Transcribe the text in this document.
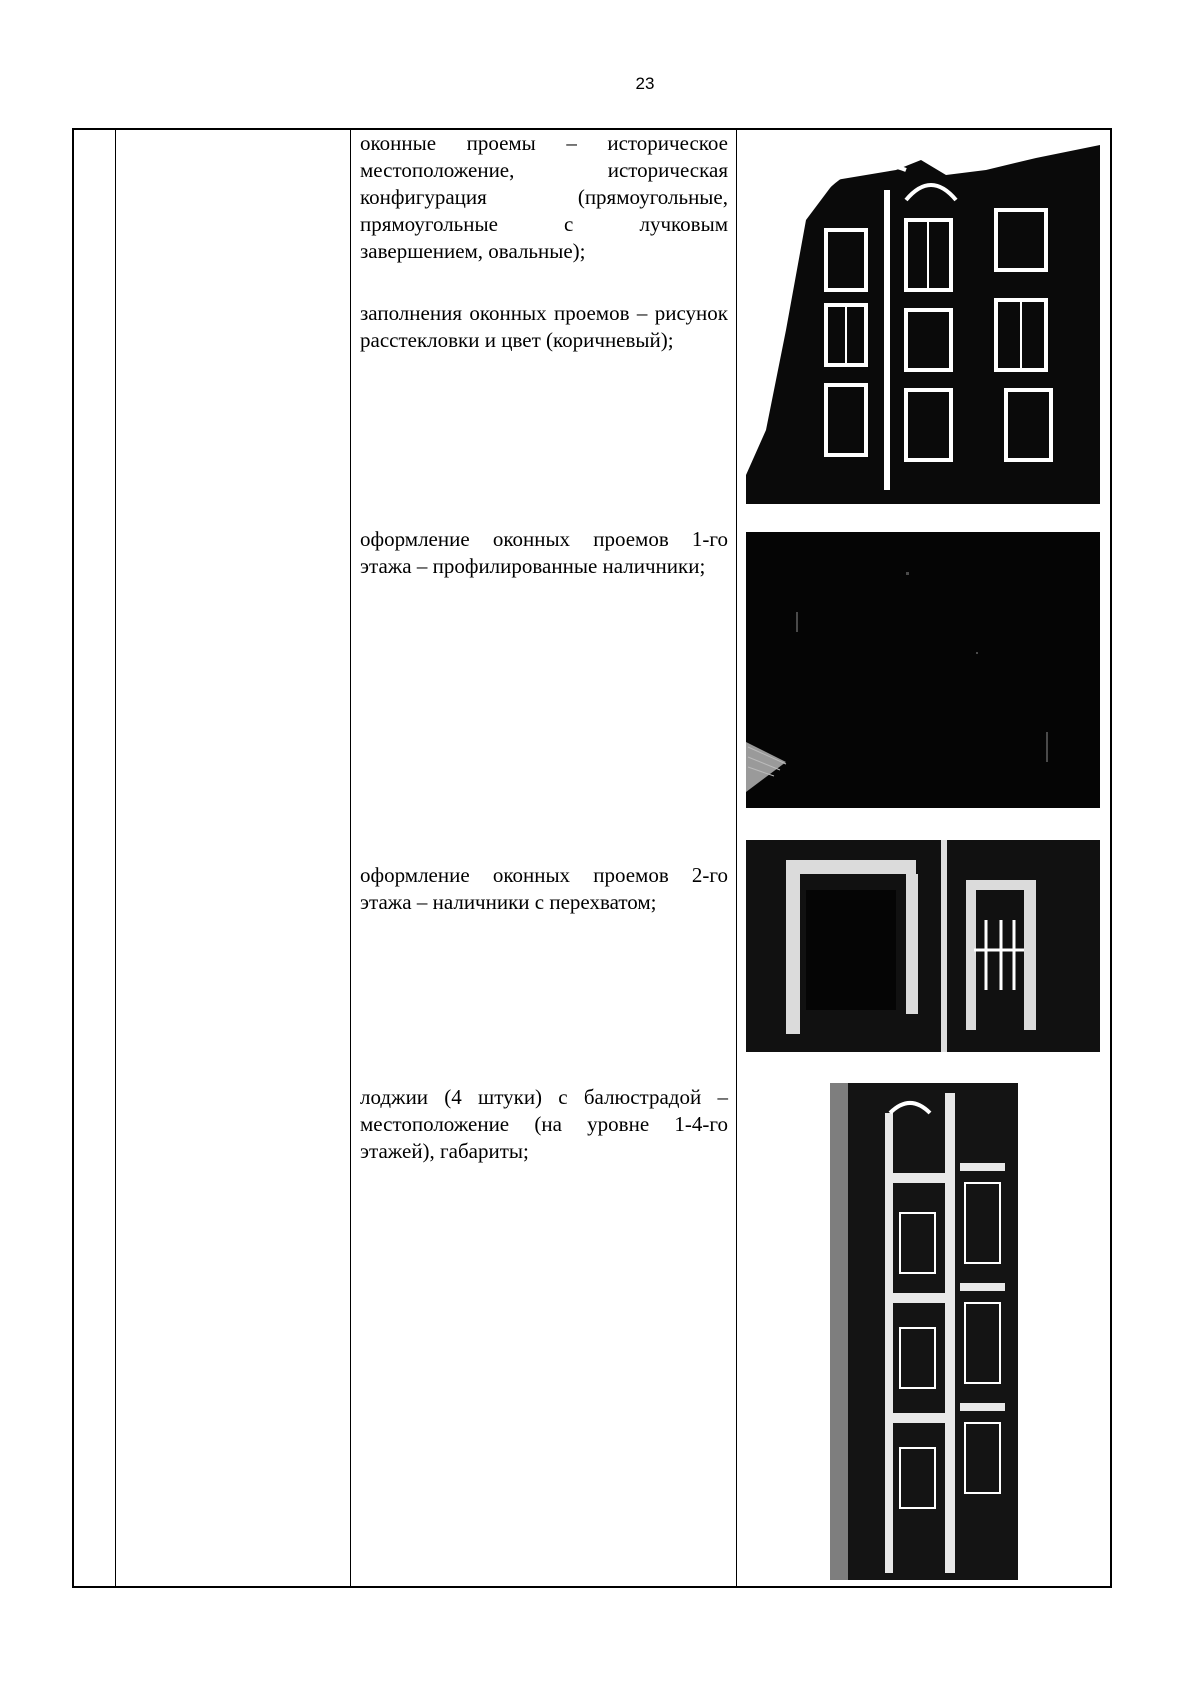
23
оконные проемы – историческое местоположение, историческая конфигурация (прямоугольные, прямоугольные с лучковым завершением, овальные);
заполнения оконных проемов – рисунок расстекловки и цвет (коричневый);
оформление оконных проемов 1-го этажа – профилированные наличники;
оформление оконных проемов 2-го этажа – наличники с перехватом;
лоджии (4 штуки) с балюстрадой – местоположение (на уровне 1-4-го этажей), габариты;
